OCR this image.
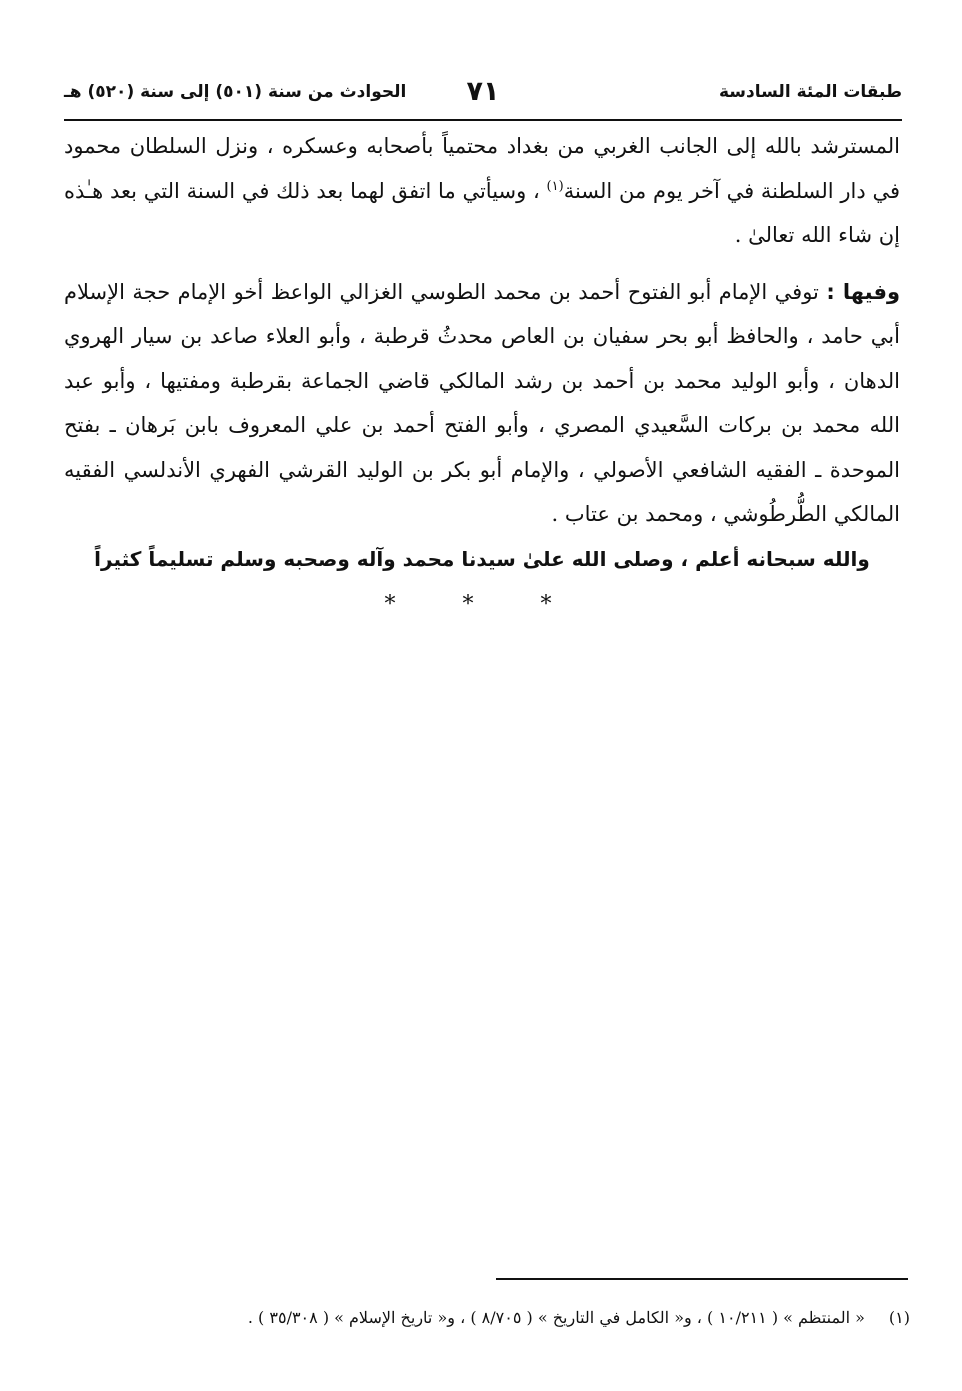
طبقات المئة السادسة
٧١
الحوادث من سنة (٥٠١) إلى سنة (٥٢٠) هـ

المسترشد بالله إلى الجانب الغربي من بغداد محتمياً بأصحابه وعسكره ، ونزل السلطان محمود في دار السلطنة في آخر يوم من السنة$^{(١)}$ ، وسيأتي ما اتفق لهما بعد ذلك في السنة التي بعد هـٰذه إن شاء الله تعالىٰ .

وفيها : توفي الإمام أبو الفتوح أحمد بن محمد الطوسي الغزالي الواعظ أخو الإمام حجة الإسلام أبي حامد ، والحافظ أبو بحر سفيان بن العاص محدثُ قرطبة ، وأبو العلاء صاعد بن سيار الهروي الدهان ، وأبو الوليد محمد بن أحمد بن رشد المالكي قاضي الجماعة بقرطبة ومفتيها ، وأبو عبد الله محمد بن بركات السَّعيدي المصري ، وأبو الفتح أحمد بن علي المعروف بابن بَرهان ـ بفتح الموحدة ـ الفقيه الشافعي الأصولي ، والإمام أبو بكر بن الوليد القرشي الفهري الأندلسي الفقيه المالكي الطُّرطُوشي ، ومحمد بن عتاب .

والله سبحانه أعلم ، وصلى الله علىٰ سيدنا محمد وآله وصحبه وسلم تسليماً كثيراً

* * *
(١) « المنتظم » ( ١٠/٢١١ ) ، و« الكامل في التاريخ » ( ٨/٧٠٥ ) ، و« تاريخ الإسلام » ( ٣٥/٣٠٨ ) .
